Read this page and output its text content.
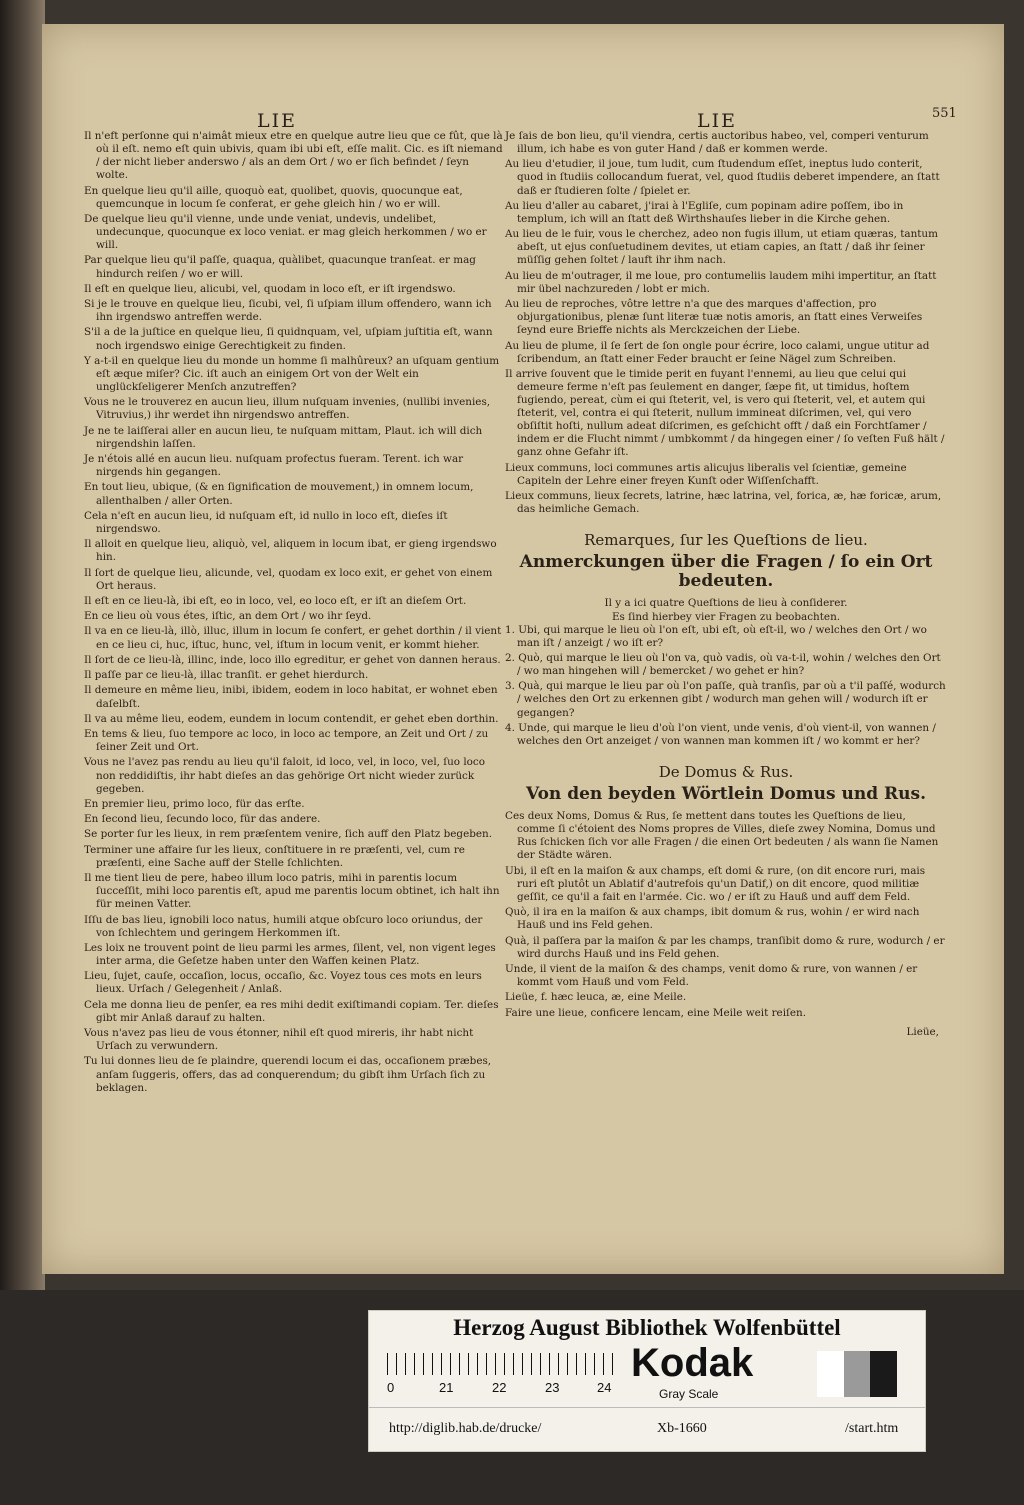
LIE	LIE	551
Il n'eft perſonne qui n'aimât mieux etre en quelque autre lieu que ce fût, que là où il eſt. nemo eſt quin ubivis, quam ibi ubi eſt, eſſe malit. Cic. es iſt niemand / der nicht lieber anderswo / als an dem Ort / wo er ſich befindet / ſeyn wolte.
En quelque lieu qu'il aille, quoquò eat, quolibet, quovis, quocunque eat, quemcunque in locum ſe conferat, er gehe gleich hin / wo er will.
De quelque lieu qu'il vienne, unde unde veniat, undevis, undelibet, undecunque, quocunque ex loco veniat. er mag gleich herkommen / wo er will.
Par quelque lieu qu'il paſſe, quaqua, quàlibet, quacunque tranſeat. er mag hindurch reiſen / wo er will.
Il eſt en quelque lieu, alicubi, vel, quodam in loco eſt, er iſt irgendswo.
Si je le trouve en quelque lieu, ſicubi, vel, ſi uſpiam illum offendero, wann ich ihn irgendswo antreffen werde.
S'il a de la juſtice en quelque lieu, ſi quidnquam, vel, uſpiam juſtitia eſt, wann noch irgendswo einige Gerechtigkeit zu finden.
Y a-t-il en quelque lieu du monde un homme ſi malhûreux? an uſquam gentium eſt æque miſer? Cic. iſt auch an einigem Ort von der Welt ein unglückſeligerer Menſch anzutreffen?
Vous ne le trouverez en aucun lieu, illum nuſquam invenies, (nullibi invenies, Vitruvius,) ihr werdet ihn nirgendswo antreffen.
Je ne te laiſſerai aller en aucun lieu, te nuſquam mittam, Plaut. ich will dich nirgendshin laſſen.
Je n'étois allé en aucun lieu. nuſquam profectus fueram. Terent. ich war nirgends hin gegangen.
En tout lieu, ubique, (& en ſignification de mouvement,) in omnem locum, allenthalben / aller Orten.
Cela n'eſt en aucun lieu, id nuſquam eſt, id nullo in loco eſt, dieſes iſt nirgendswo.
Il alloit en quelque lieu, aliquò, vel, aliquem in locum ibat, er gieng irgendswo hin.
Il ſort de quelque lieu, alicunde, vel, quodam ex loco exit, er gehet von einem Ort heraus.
Il eſt en ce lieu-là, ibi eſt, eo in loco, vel, eo loco eſt, er iſt an dieſem Ort.
En ce lieu où vous étes, iſtic, an dem Ort / wo ihr ſeyd.
Il va en ce lieu-là, illò, illuc, illum in locum ſe confert, er gehet dorthin / il vient en ce lieu ci, huc, iſtuc, hunc, vel, iſtum in locum venit, er kommt hieher.
Il ſort de ce lieu-là, illinc, inde, loco illo egreditur, er gehet von dannen heraus.
Il paſſe par ce lieu-là, illac tranſit. er gehet hierdurch.
Il demeure en même lieu, inibi, ibidem, eodem in loco habitat, er wohnet eben daſelbſt.
Il va au même lieu, eodem, eundem in locum contendit, er gehet eben dorthin.
En tems & lieu, ſuo tempore ac loco, in loco ac tempore, an Zeit und Ort / zu ſeiner Zeit und Ort.
Vous ne l'avez pas rendu au lieu qu'il faloit, id loco, vel, in loco, vel, ſuo loco non reddidiſtis, ihr habt dieſes an das gehörige Ort nicht wieder zurück gegeben.
En premier lieu, primo loco, für das erſte.
En ſecond lieu, ſecundo loco, für das andere.
Se porter ſur les lieux, in rem præſentem venire, ſich auff den Platz begeben.
Terminer une affaire ſur les lieux, conſtituere in re præſenti, vel, cum re præſenti, eine Sache auff der Stelle ſchlichten.
Il me tient lieu de pere, habeo illum loco patris, mihi in parentis locum ſucceſſit, mihi loco parentis eſt, apud me parentis locum obtinet, ich halt ihn für meinen Vatter.
Iſſu de bas lieu, ignobili loco natus, humili atque obſcuro loco oriundus, der von ſchlechtem und geringem Herkommen iſt.
Les loix ne trouvent point de lieu parmi les armes, ſilent, vel, non vigent leges inter arma, die Geſetze haben unter den Waffen keinen Platz.
Lieu, ſujet, cauſe, occaſion, locus, occaſio, &c. Voyez tous ces mots en leurs lieux. Urſach / Gelegenheit / Anlaß.
Cela me donna lieu de penſer, ea res mihi dedit exiſtimandi copiam. Ter. dieſes gibt mir Anlaß darauf zu halten.
Vous n'avez pas lieu de vous étonner, nihil eſt quod mireris, ihr habt nicht Urſach zu verwundern.
Tu lui donnes lieu de ſe plaindre, querendi locum ei das, occaſionem præbes, anſam ſuggeris, offers, das ad conquerendum; du gibſt ihm Urſach ſich zu beklagen.
Je ſais de bon lieu, qu'il viendra, certis auctoribus habeo, vel, comperi venturum illum, ich habe es von guter Hand / daß er kommen werde.
Au lieu d'etudier, il joue, tum ludit, cum ſtudendum eſſet, ineptus ludo conterit, quod in ſtudiis collocandum fuerat, vel, quod ſtudiis deberet impendere, an ſtatt daß er ſtudieren ſolte / ſpielet er.
Au lieu d'aller au cabaret, j'irai à l'Egliſe, cum popinam adire poſſem, ibo in templum, ich will an ſtatt deß Wirthshauſes lieber in die Kirche gehen.
Au lieu de le fuir, vous le cherchez, adeo non fugis illum, ut etiam quæras, tantum abeſt, ut ejus conſuetudinem devites, ut etiam capies, an ſtatt / daß ihr ſeiner müſſig gehen ſoltet / lauft ihr ihm nach.
Au lieu de m'outrager, il me loue, pro contumeliis laudem mihi impertitur, an ſtatt mir übel nachzureden / lobt er mich.
Au lieu de reproches, vôtre lettre n'a que des marques d'affection, pro objurgationibus, plenæ ſunt literæ tuæ notis amoris, an ſtatt eines Verweiſes ſeynd eure Brieffe nichts als Merckzeichen der Liebe.
Au lieu de plume, il ſe ſert de ſon ongle pour écrire, loco calami, ungue utitur ad ſcribendum, an ſtatt einer Feder braucht er ſeine Nägel zum Schreiben.
Il arrive ſouvent que le timide perit en fuyant l'ennemi, au lieu que celui qui demeure ferme n'eſt pas ſeulement en danger, ſæpe fit, ut timidus, hoſtem fugiendo, pereat, cùm ei qui ſteterit, vel, is vero qui ſteterit, vel, et autem qui ſteterit, vel, contra ei qui ſteterit, nullum immineat diſcrimen, vel, qui vero obſiſtit hoſti, nullum adeat diſcrimen, es geſchicht offt / daß ein Forchtſamer / indem er die Flucht nimmt / umbkommt / da hingegen einer / ſo veſten Fuß hält / ganz ohne Gefahr iſt.
Lieux communs, loci communes artis alicujus liberalis vel ſcientiæ, gemeine Capiteln der Lehre einer freyen Kunſt oder Wiſſenſchafft.
Lieux communs, lieux ſecrets, latrine, hæc latrina, vel, forica, æ, hæ foricæ, arum, das heimliche Gemach.
Remarques, ſur les Queſtions de lieu.
Anmerckungen über die Fragen / ſo ein Ort bedeuten.
Il y a ici quatre Queſtions de lieu à conſiderer.
Es ſind hierbey vier Fragen zu beobachten.
1. Ubi, qui marque le lieu où l'on eſt, ubi eſt, où eſt-il, wo / welches den Ort / wo man iſt / anzeigt / wo iſt er?
2. Quò, qui marque le lieu où l'on va, quò vadis, où va-t-il, wohin / welches den Ort / wo man hingehen will / bemercket / wo gehet er hin?
3. Quà, qui marque le lieu par où l'on paſſe, quà tranſis, par où a t'il paſſé, wodurch / welches den Ort zu erkennen gibt / wodurch man gehen will / wodurch iſt er gegangen?
4. Unde, qui marque le lieu d'où l'on vient, unde venis, d'où vient-il, von wannen / welches den Ort anzeiget / von wannen man kommen iſt / wo kommt er her?
De Domus & Rus.
Von den beyden Wörtlein Domus und Rus.
Ces deux Noms, Domus & Rus, ſe mettent dans toutes les Queſtions de lieu, comme ſi c'étoient des Noms propres de Villes, dieſe zwey Nomina, Domus und Rus ſchicken ſich vor alle Fragen / die einen Ort bedeuten / als wann ſie Namen der Städte wären.
Ubi, il eſt en la maiſon & aux champs, eſt domi & rure, (on dit encore ruri, mais ruri eſt plutôt un Ablatif d'autrefois qu'un Datif,) on dit encore, quod militiæ geſſit, ce qu'il a fait en l'armée. Cic. wo / er iſt zu Hauß und auff dem Feld.
Quò, il ira en la maiſon & aux champs, ibit domum & rus, wohin / er wird nach Hauß und ins Feld gehen.
Quà, il paſſera par la maiſon & par les champs, tranſibit domo & rure, wodurch / er wird durchs Hauß und ins Feld gehen.
Unde, il vient de la maiſon & des champs, venit domo & rure, von wannen / er kommt vom Hauß und vom Feld.
Lieüe, f. hæc leuca, æ, eine Meile.
Faire une lieue, conficere lencam, eine Meile weit reiſen.
Lieüe,
Herzog August Bibliothek Wolfenbüttel
0	21	22	23	24
Kodak
Gray Scale
http://diglib.hab.de/drucke/	Xb-1660	/start.htm
